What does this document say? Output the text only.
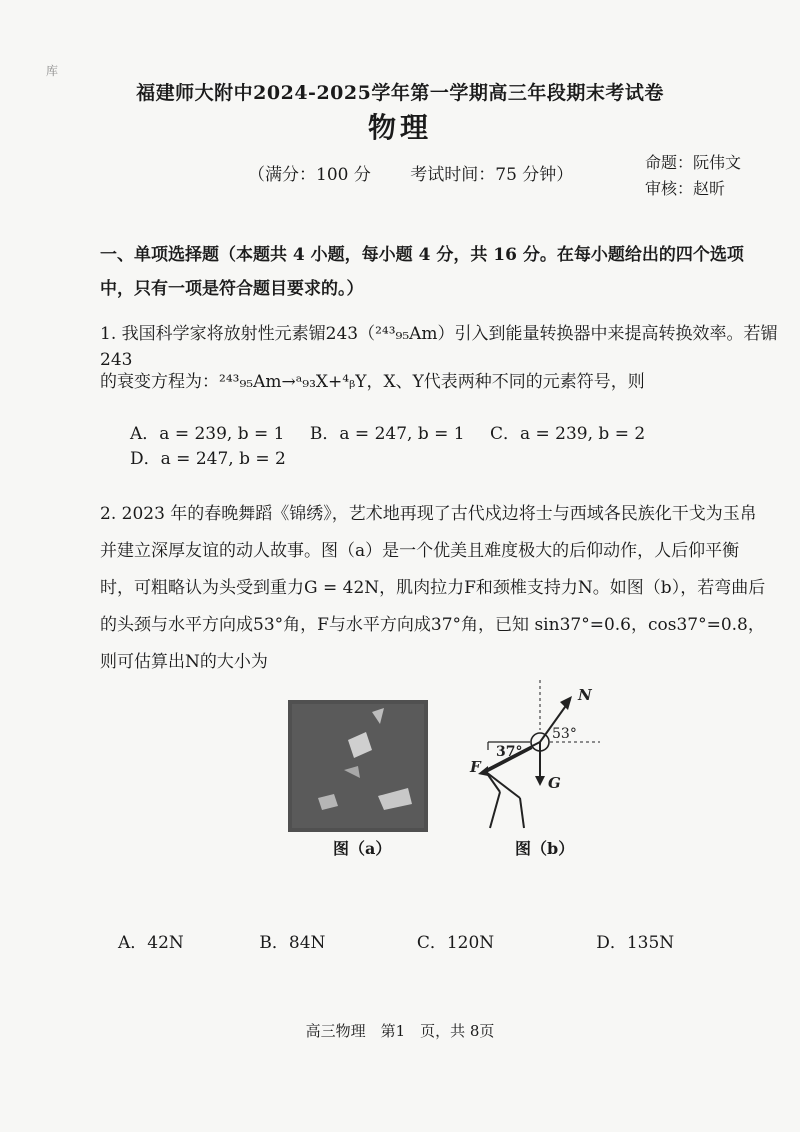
库
福建师大附中2024-2025学年第一学期高三年段期末考试卷
物理
（满分：100 分 考试时间：75 分钟）
命题：阮伟文
审核：赵昕
一、单项选择题（本题共 4 小题，每小题 4 分，共 16 分。在每小题给出的四个选项中，只有一项是符合题目要求的。）
1. 我国科学家将放射性元素镅243（²⁴³₉₅Am）引入到能量转换器中来提高转换效率。若镅 243
的衰变方程为：²⁴³₉₅Am→ᵃ₉₃X+⁴ᵦY，X、Y代表两种不同的元素符号，则
A．a = 239, b = 1 B．a = 247, b = 1 C．a = 239, b = 2 D．a = 247, b = 2
2. 2023 年的春晚舞蹈《锦绣》，艺术地再现了古代戍边将士与西域各民族化干戈为玉帛并建立深厚友谊的动人故事。图（a）是一个优美且难度极大的后仰动作，人后仰平衡时，可粗略认为头受到重力G = 42N，肌肉拉力F和颈椎支持力N。如图（b），若弯曲后的头颈与水平方向成53°角，F与水平方向成37°角，已知 sin37°=0.6，cos37°=0.8，则可估算出N的大小为
图（a）
N
53°
37°
F
G
图（b）
A．42N	B．84N	C．120N	D．135N
高三物理　第1　页，共 8页
